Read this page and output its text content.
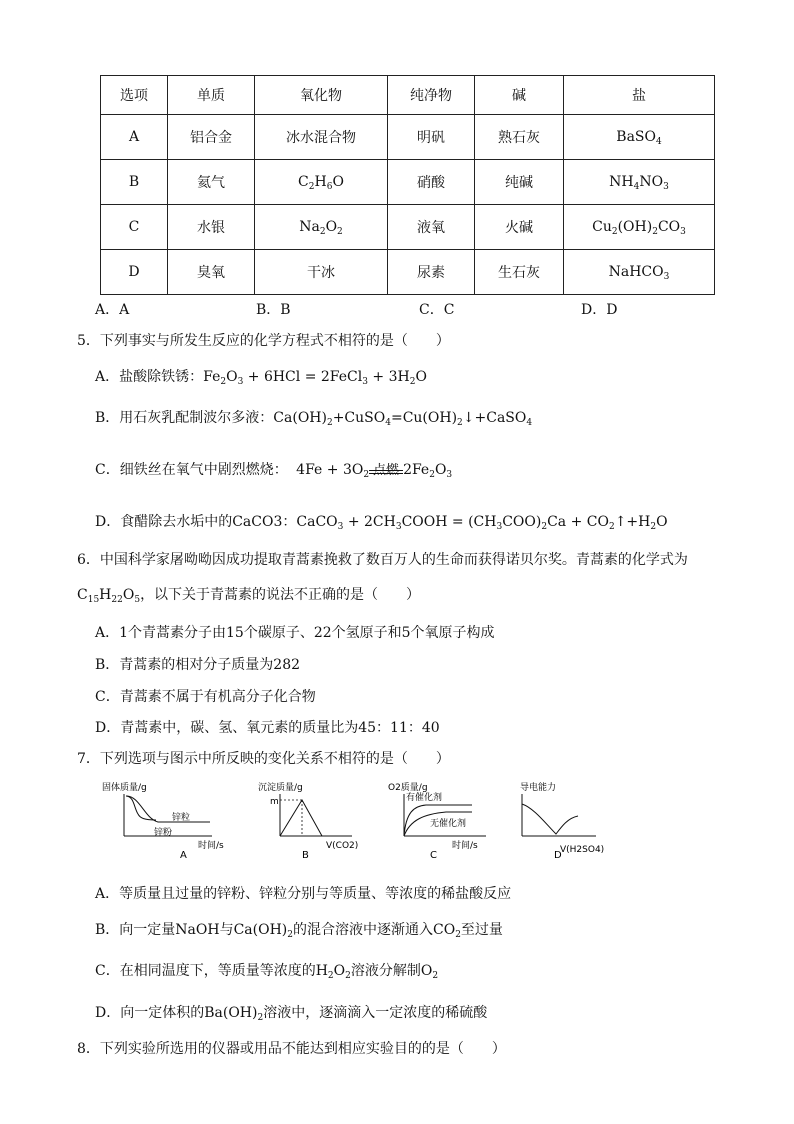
选项	单质	氧化物	纯净物	碱	盐
A	铝合金	冰水混合物	明矾	熟石灰	BaSO$_4$
B	氦气	$C_2H_6O$	硝酸	纯碱	$NH_4NO_3$
C	水银	$Na_2O_2$	液氧	火碱	$Cu_2(OH)_2CO_3$
D	臭氧	干冰	尿素	生石灰	NaHCO$_3$
A．A	B．B	C．C	D．D
5．下列事实与所发生反应的化学方程式不相符的是（　　）
A．盐酸除铁锈：$Fe_2O_3 + 6HCl$ = 2FeCl$_3$ + $3H_2O$
B．用石灰乳配制波尔多液：$Ca(OH)_2+CuSO_4=Cu(OH)_2↓+CaSO_4$
C．细铁丝在氧气中剧烈燃烧： $4Fe + 3O_2$ 点燃 $2Fe_2O_3$
D．食醋除去水垢中的CaCO3：CaCO$_3$ + $2CH_3COOH = (CH_3COO)_2Ca$ + $CO_2↑+H_2O$
6．中国科学家屠呦呦因成功提取青蒿素挽救了数百万人的生命而获得诺贝尔奖。青蒿素的化学式为
$C_{15}H_{22}O_5$，以下关于青蒿素的说法不正确的是（　　）
A．1个青蒿素分子由15个碳原子、22个氢原子和5个氧原子构成
B．青蒿素的相对分子质量为282
C．青蒿素不属于有机高分子化合物
D．青蒿素中，碳、氢、氧元素的质量比为45：11：40
7．下列选项与图示中所反映的变化关系不相符的是（　　）
固体质量/g
锌粒
锌粉
时间/s
A
沉淀质量/g
m
V(CO2)
B
O2质量/g
有催化剂
无催化剂
时间/s
C
导电能力
V(H2SO4)
D
A．等质量且过量的锌粉、锌粒分别与等质量、等浓度的稀盐酸反应
B．向一定量NaOH与$Ca(OH)_2$的混合溶液中逐渐通入$CO_2$至过量
C．在相同温度下，等质量等浓度的$H_2O_2$溶液分解制$O_2$
D．向一定体积的$Ba(OH)_2$溶液中，逐滴滴入一定浓度的稀硫酸
8．下列实验所选用的仪器或用品不能达到相应实验目的的是（　　）
